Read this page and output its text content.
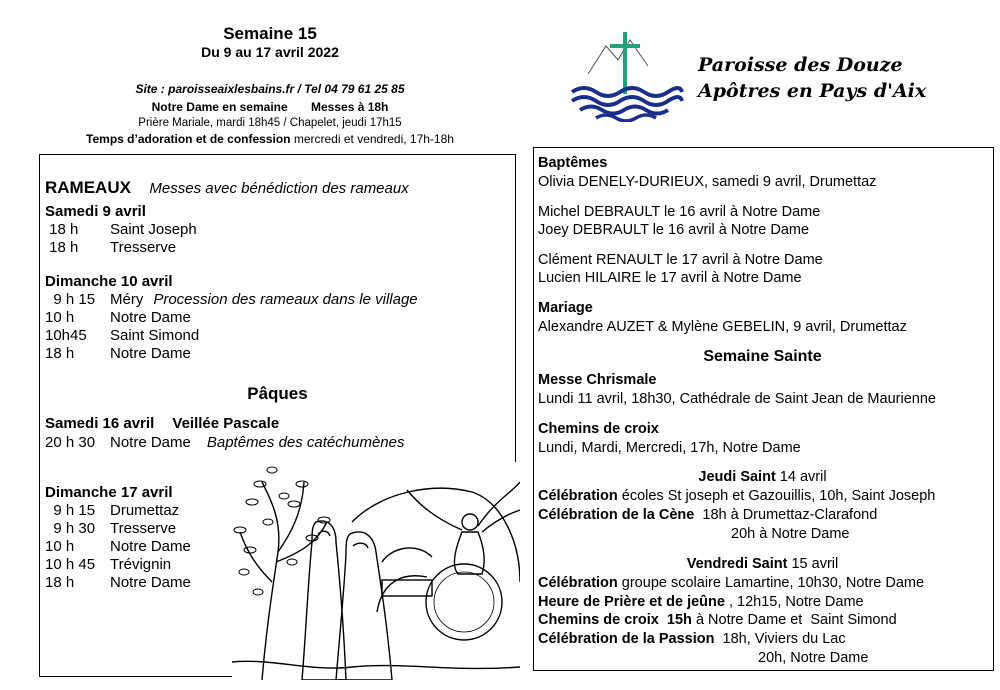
Semaine 15
Du 9 au 17 avril 2022
Site : paroisseaixlesbains.fr / Tel 04 79 61 25 85
Notre Dame en semaine       Messes à 18h
Prière Mariale, mardi 18h45 / Chapelet, jeudi 17h15
Temps d’adoration et de confession mercredi et vendredi, 17h-18h
Paroisse des Douze
Apôtres en Pays d'Aix
RAMEAUX Messes avec bénédiction des rameaux
Samedi 9 avril
18 h Saint Joseph
18 h Tresserve
Dimanche 10 avril
9 h 15 Méry Procession des rameaux dans le village
10 h Notre Dame
10h45 Saint Simond
18 h Notre Dame
Pâques
Samedi 16 avril Veillée Pascale
20 h 30 Notre Dame Baptêmes des catéchumènes
Dimanche 17 avril
9 h 15 Drumettaz
9 h 30 Tresserve
10 h Notre Dame
10 h 45 Trévignin
18 h Notre Dame
Baptêmes
Olivia DENELY-DURIEUX, samedi 9 avril, Drumettaz
Michel DEBRAULT le 16 avril à Notre Dame
Joey DEBRAULT le 16 avril à Notre Dame
Clément RENAULT le 17 avril à Notre Dame
Lucien HILAIRE le 17 avril à Notre Dame
Mariage
Alexandre AUZET & Mylène GEBELIN, 9 avril, Drumettaz
Semaine Sainte
Messe Chrismale
Lundi 11 avril, 18h30, Cathédrale de Saint Jean de Maurienne
Chemins de croix
Lundi, Mardi, Mercredi, 17h, Notre Dame
Jeudi Saint 14 avril
Célébration écoles St joseph et Gazouillis, 10h, Saint Joseph
Célébration de la Cène  18h à Drumettaz-Clarafond
20h à Notre Dame
Vendredi Saint 15 avril
Célébration groupe scolaire Lamartine, 10h30, Notre Dame
Heure de Prière et de jeûne , 12h15, Notre Dame
Chemins de croix  15h à Notre Dame et  Saint Simond
Célébration de la Passion  18h, Viviers du Lac
20h, Notre Dame
